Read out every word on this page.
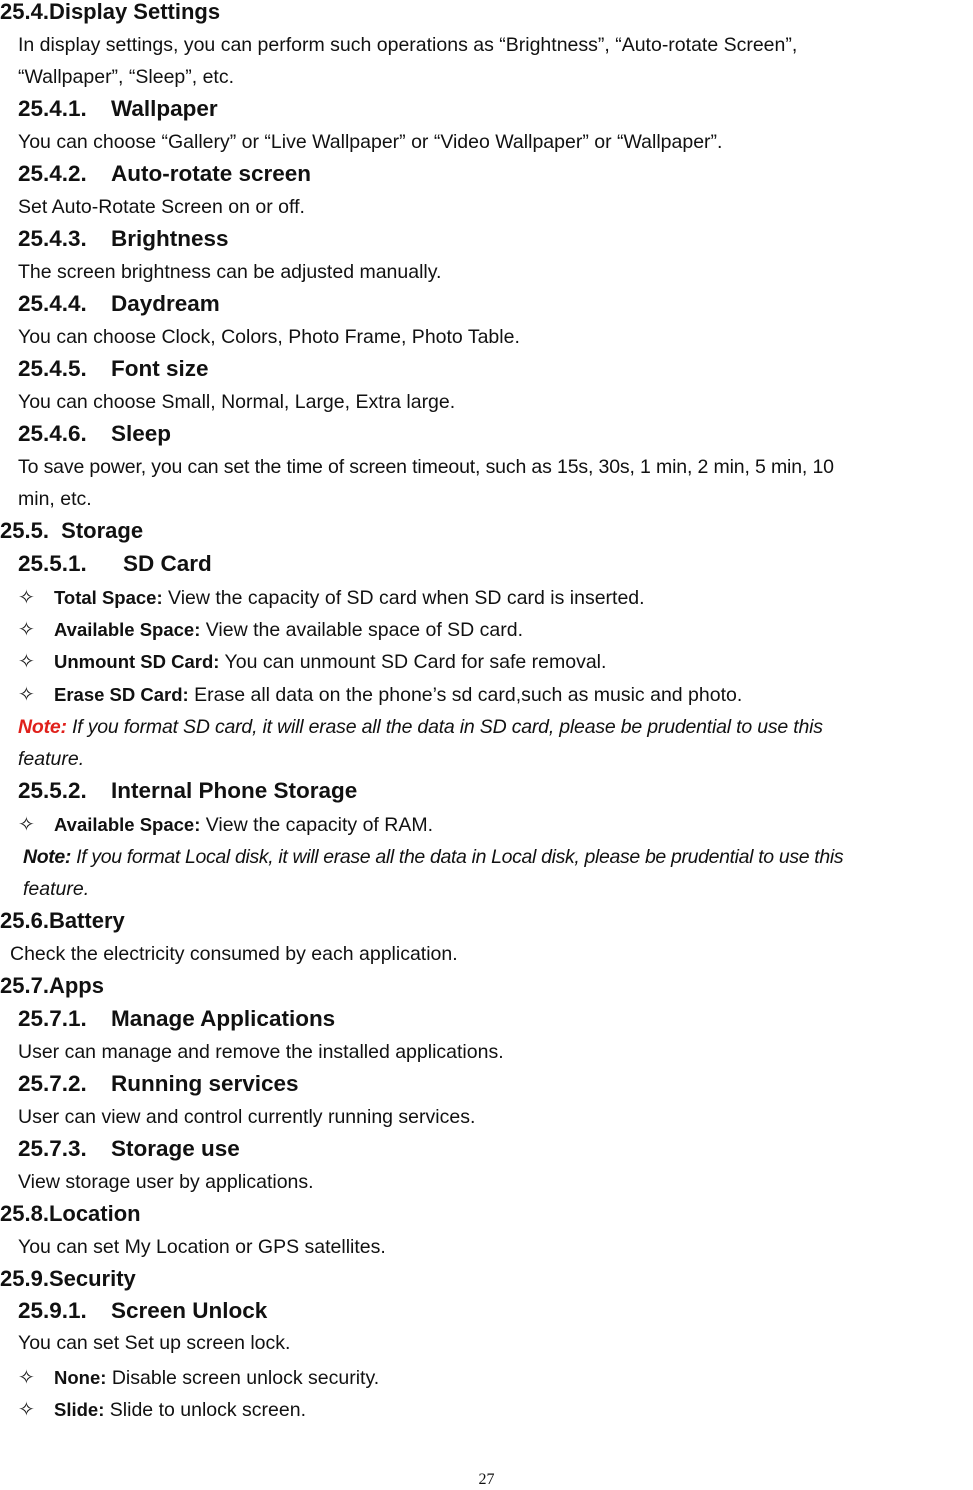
25.4.Display Settings
In display settings, you can perform such operations as “Brightness”, “Auto-rotate Screen”,
“Wallpaper”, “Sleep”, etc.
25.4.1. Wallpaper
You can choose “Gallery” or “Live Wallpaper” or “Video Wallpaper” or “Wallpaper”.
25.4.2. Auto-rotate screen
Set Auto-Rotate Screen on or off.
25.4.3. Brightness
The screen brightness can be adjusted manually.
25.4.4. Daydream
You can choose Clock, Colors, Photo Frame, Photo Table.
25.4.5. Font size
You can choose Small, Normal, Large, Extra large.
25.4.6. Sleep
To save power, you can set the time of screen timeout, such as 15s, 30s, 1 min, 2 min, 5 min, 10
min, etc.
25.5. Storage
25.5.1. SD Card
✧ Total Space: View the capacity of SD card when SD card is inserted.
✧ Available Space: View the available space of SD card.
✧ Unmount SD Card: You can unmount SD Card for safe removal.
✧ Erase SD Card: Erase all data on the phone’s sd card,such as music and photo.
Note: If you format SD card, it will erase all the data in SD card, please be prudential to use this
feature.
25.5.2. Internal Phone Storage
✧ Available Space: View the capacity of RAM.
Note: If you format Local disk, it will erase all the data in Local disk, please be prudential to use this
feature.
25.6.Battery
Check the electricity consumed by each application.
25.7.Apps
25.7.1. Manage Applications
User can manage and remove the installed applications.
25.7.2. Running services
User can view and control currently running services.
25.7.3. Storage use
View storage user by applications.
25.8.Location
You can set My Location or GPS satellites.
25.9.Security
25.9.1. Screen Unlock
You can set Set up screen lock.
✧ None: Disable screen unlock security.
✧ Slide: Slide to unlock screen.
27
